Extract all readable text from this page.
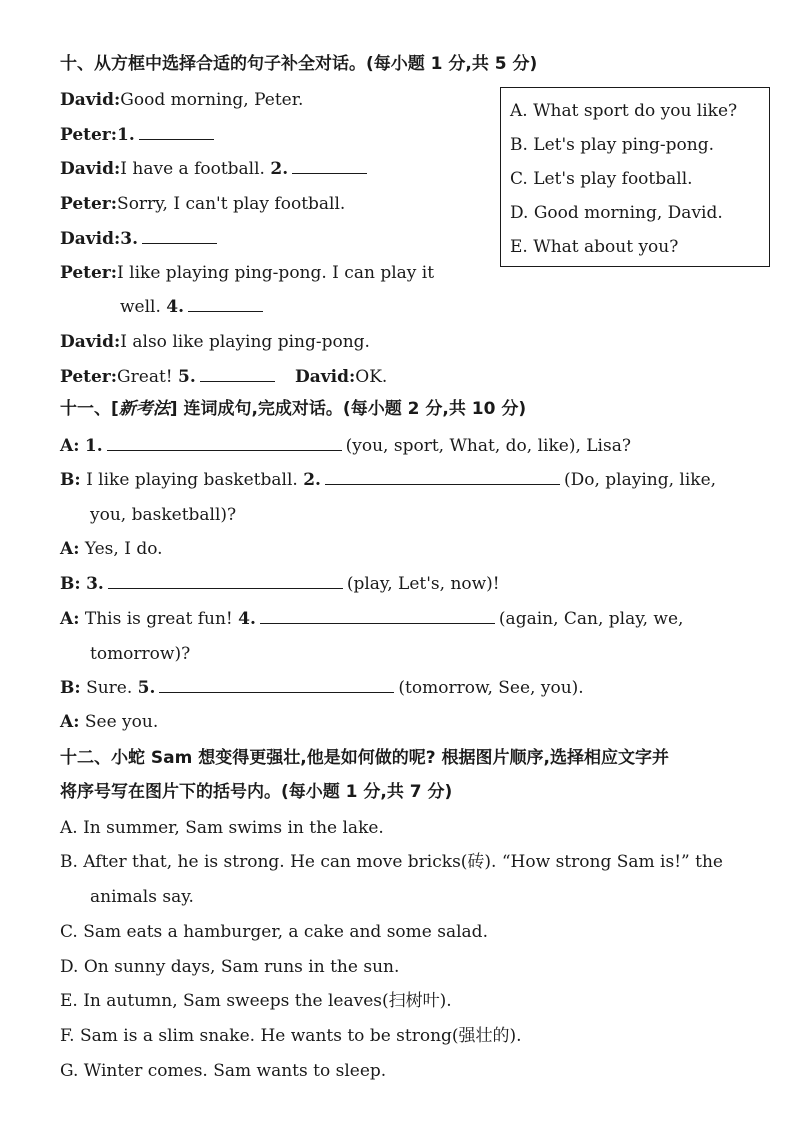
十、从方框中选择合适的句子补全对话。(每小题 1 分,共 5 分)
David:Good morning, Peter.
Peter:1.
David:I have a football. 2.
Peter:Sorry, I can't play football.
David:3.
Peter:I like playing ping-pong. I can play it
well. 4.
David:I also like playing ping-pong.
Peter:Great! 5.	David:OK.
A. What sport do you like?
B. Let's play ping-pong.
C. Let's play football.
D. Good morning, David.
E. What about you?
十一、[新考法] 连词成句,完成对话。(每小题 2 分,共 10 分)
A: 1.	(you, sport, What, do, like), Lisa?
B: I like playing basketball. 2.	(Do, playing, like,
you, basketball)?
A: Yes, I do.
B: 3.	(play, Let's, now)!
A: This is great fun! 4.	(again, Can, play, we,
tomorrow)?
B: Sure. 5.	(tomorrow, See, you).
A: See you.
十二、小蛇 Sam 想变得更强壮,他是如何做的呢? 根据图片顺序,选择相应文字并
将序号写在图片下的括号内。(每小题 1 分,共 7 分)
A. In summer, Sam swims in the lake.
B. After that, he is strong. He can move bricks(砖). “How strong Sam is!” the
animals say.
C. Sam eats a hamburger, a cake and some salad.
D. On sunny days, Sam runs in the sun.
E. In autumn, Sam sweeps the leaves(扫树叶).
F. Sam is a slim snake. He wants to be strong(强壮的).
G. Winter comes. Sam wants to sleep.
